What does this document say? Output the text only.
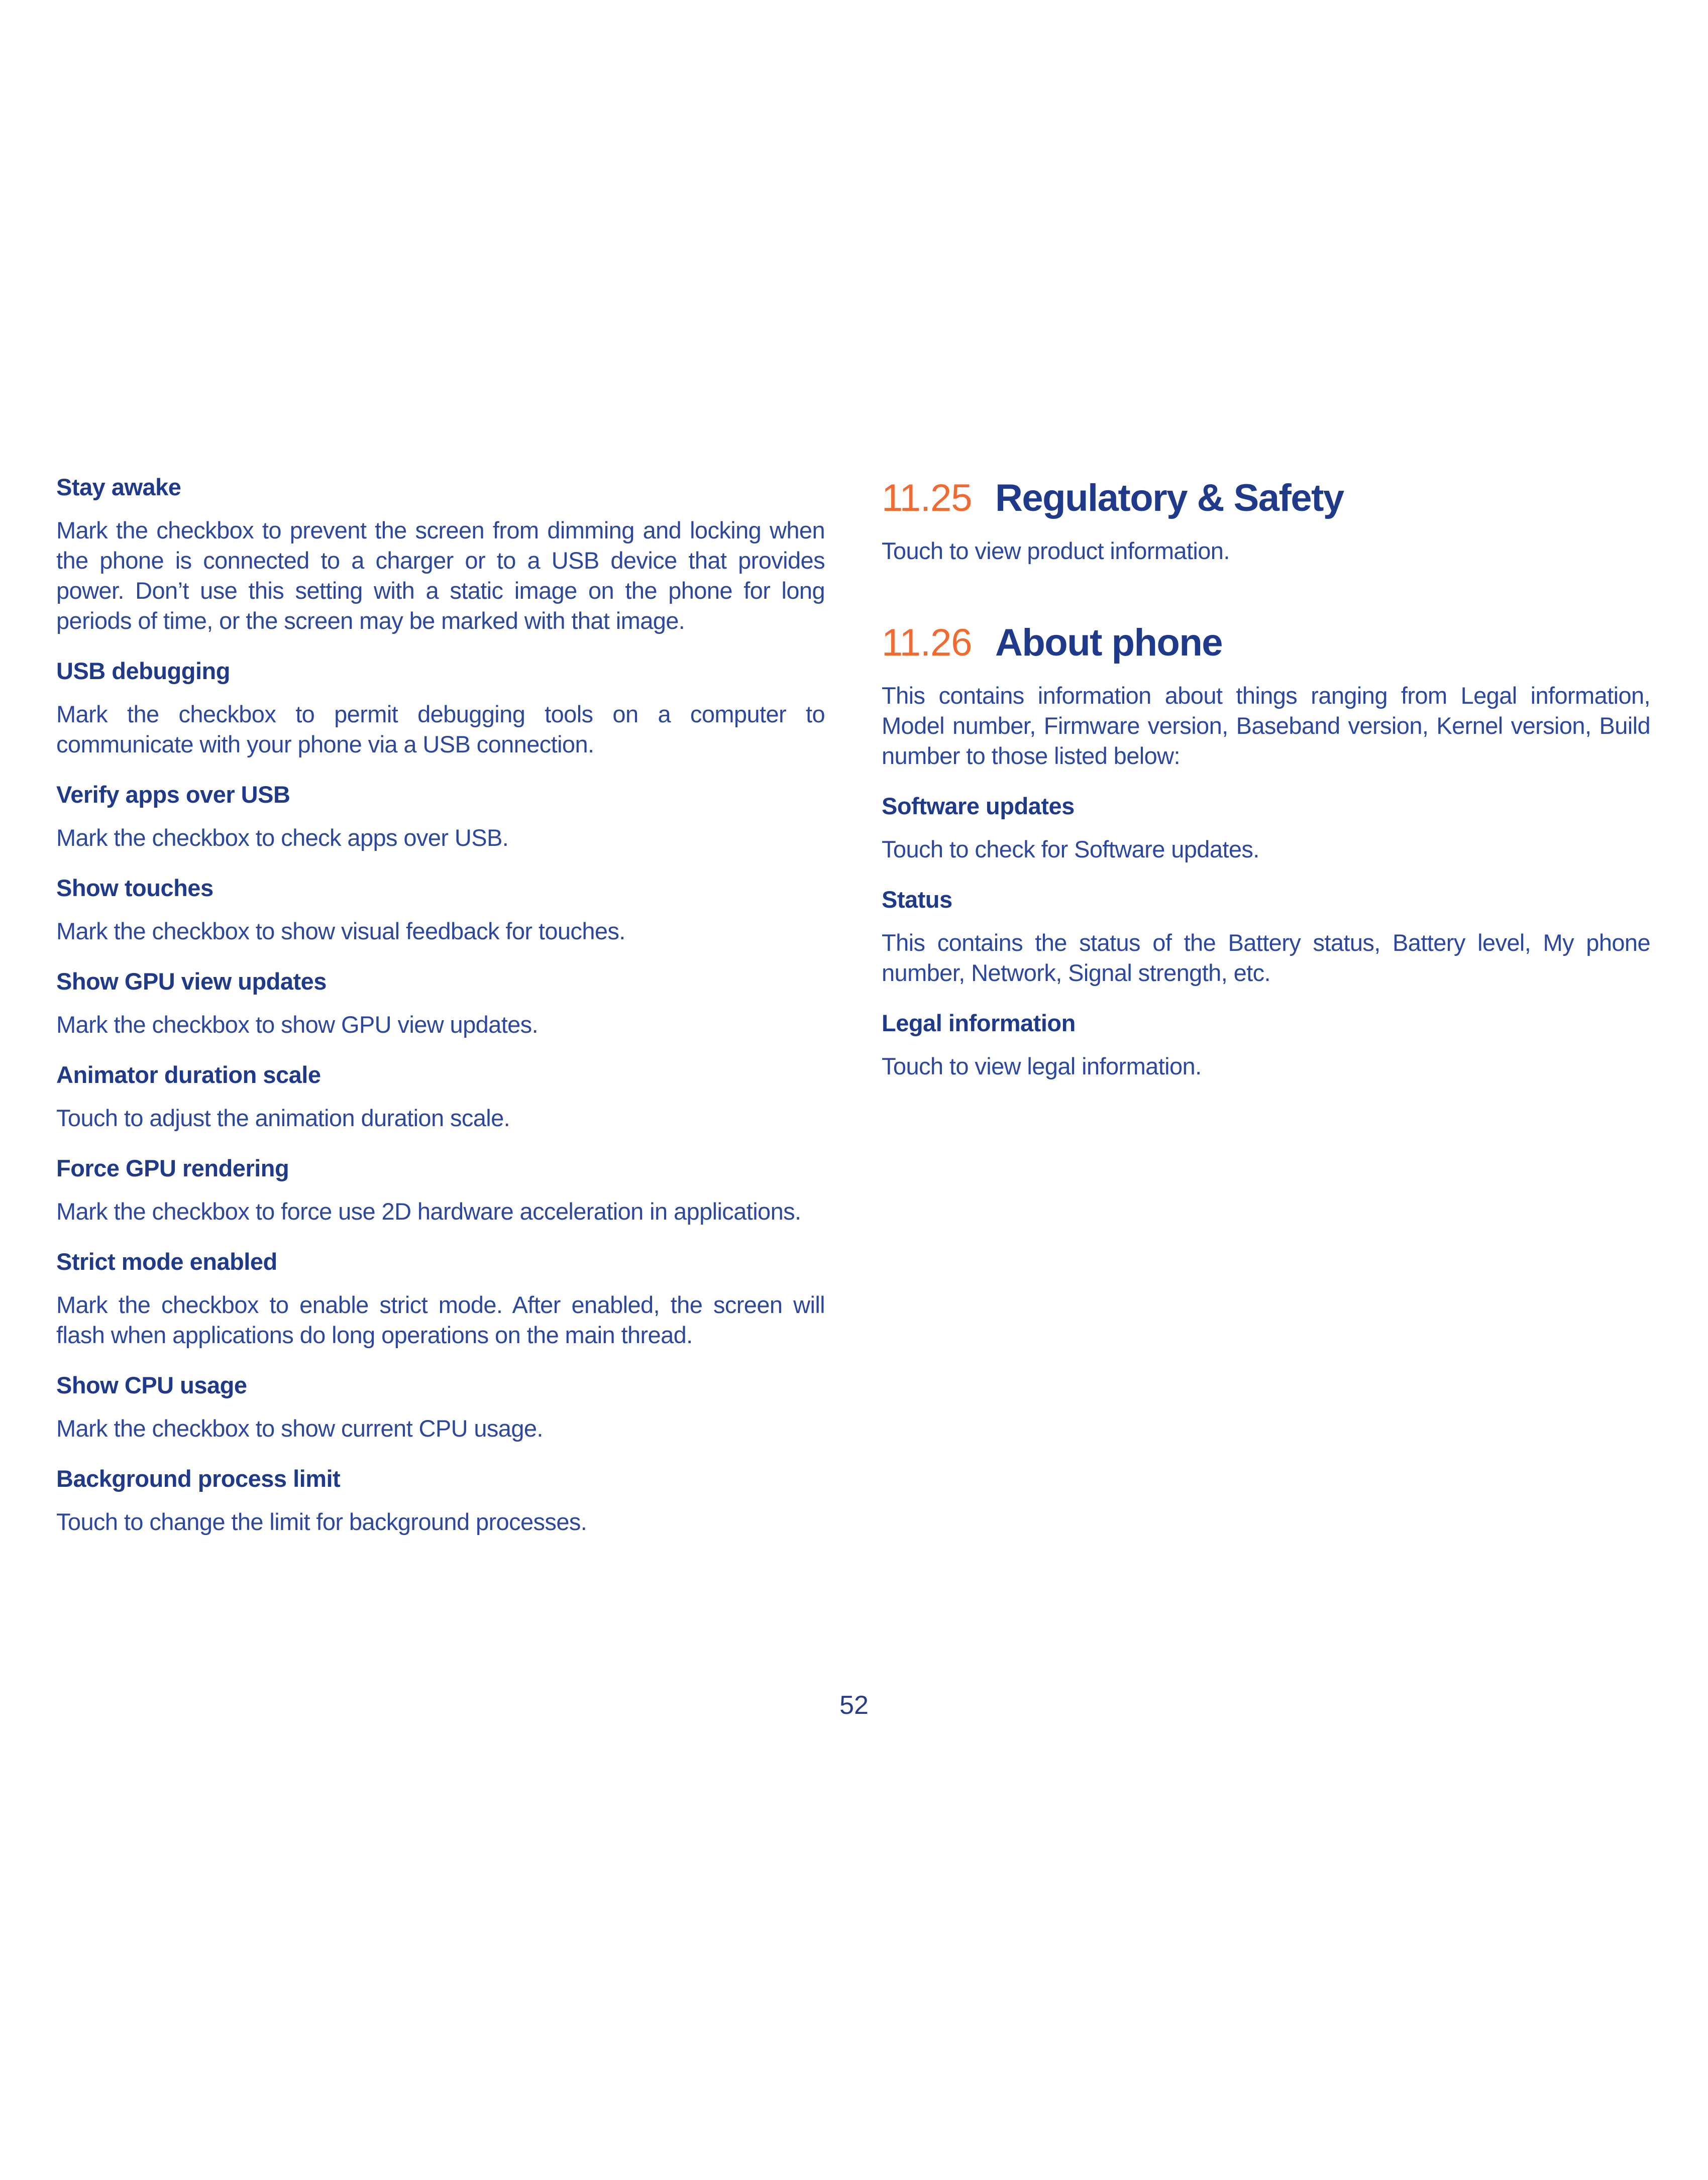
Stay awake
Mark the checkbox to prevent the screen from dimming and locking when the phone is connected to a charger or to a USB device that provides power. Don’t use this setting with a static image on the phone for long periods of time, or the screen may be marked with that image.
USB debugging
Mark the checkbox to permit debugging tools on a computer to communicate with your phone via a USB connection.
Verify apps over USB
Mark the checkbox to check apps over USB.
Show touches
Mark the checkbox to show visual feedback for touches.
Show GPU view updates
Mark the checkbox to show GPU view updates.
Animator duration scale
Touch to adjust the animation duration scale.
Force GPU rendering
Mark the checkbox to force use 2D hardware acceleration in applications.
Strict mode enabled
Mark the checkbox to enable strict mode. After enabled, the screen will flash when applications do long operations on the main thread.
Show CPU usage
Mark the checkbox to show current CPU usage.
Background process limit
Touch to change the limit for background processes.
11.25 Regulatory & Safety
Touch to view product information.
11.26 About phone
This contains information about things ranging from Legal information, Model number, Firmware version, Baseband version, Kernel version, Build number to those listed below:
Software updates
Touch to check for Software updates.
Status
This contains the status of the Battery status, Battery level, My phone number, Network, Signal strength, etc.
Legal information
Touch to view legal information.
52
